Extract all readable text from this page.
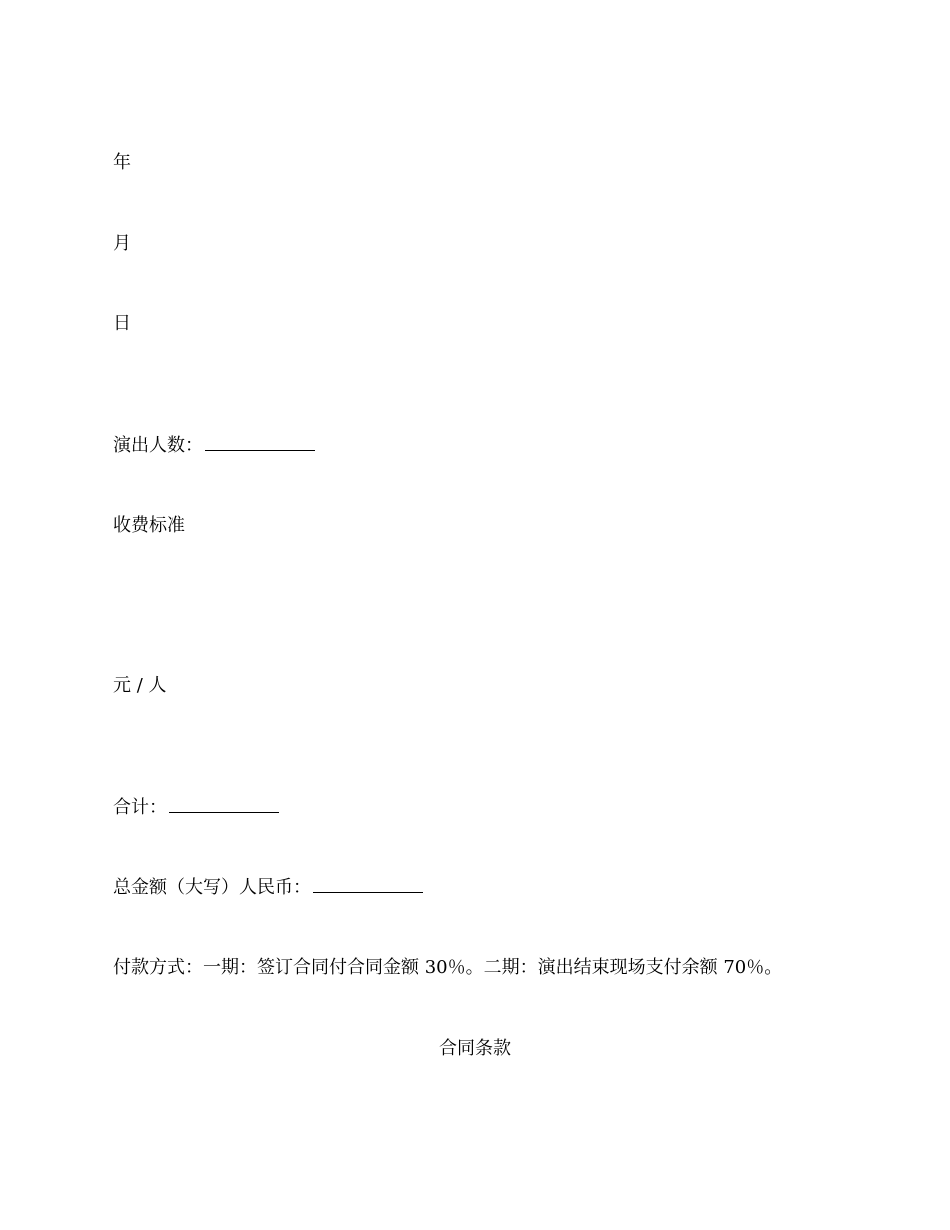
年
月
日
演出人数：
收费标准
元 / 人
合计：
总金额（大写）人民币：
付款方式：一期：签订合同付合同金额 30％。二期：演出结束现场支付余额 70％。
合同条款
